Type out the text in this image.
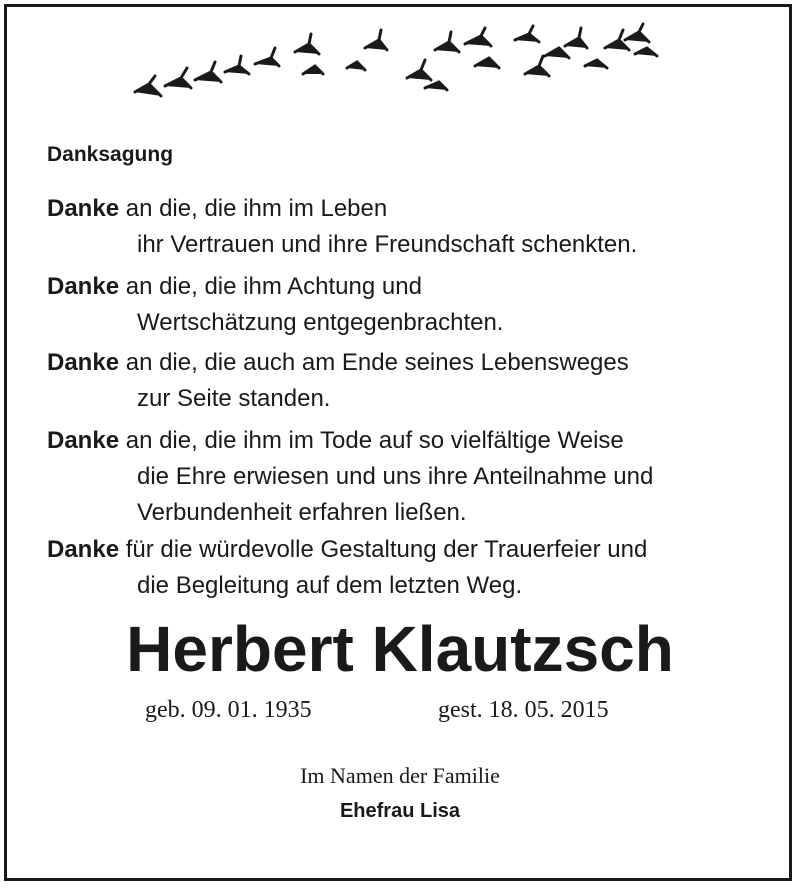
Danksagung
Danke an die, die ihm im Leben
ihr Vertrauen und ihre Freundschaft schenkten.
Danke an die, die ihm Achtung und
Wertschätzung entgegenbrachten.
Danke an die, die auch am Ende seines Lebensweges
zur Seite standen.
Danke an die, die ihm im Tode auf so vielfältige Weise
die Ehre erwiesen und uns ihre Anteilnahme und
Verbundenheit erfahren ließen.
Danke für die würdevolle Gestaltung der Trauerfeier und
die Begleitung auf dem letzten Weg.
Herbert Klautzsch
geb. 09. 01. 1935	gest. 18. 05. 2015
Im Namen der Familie
Ehefrau Lisa
